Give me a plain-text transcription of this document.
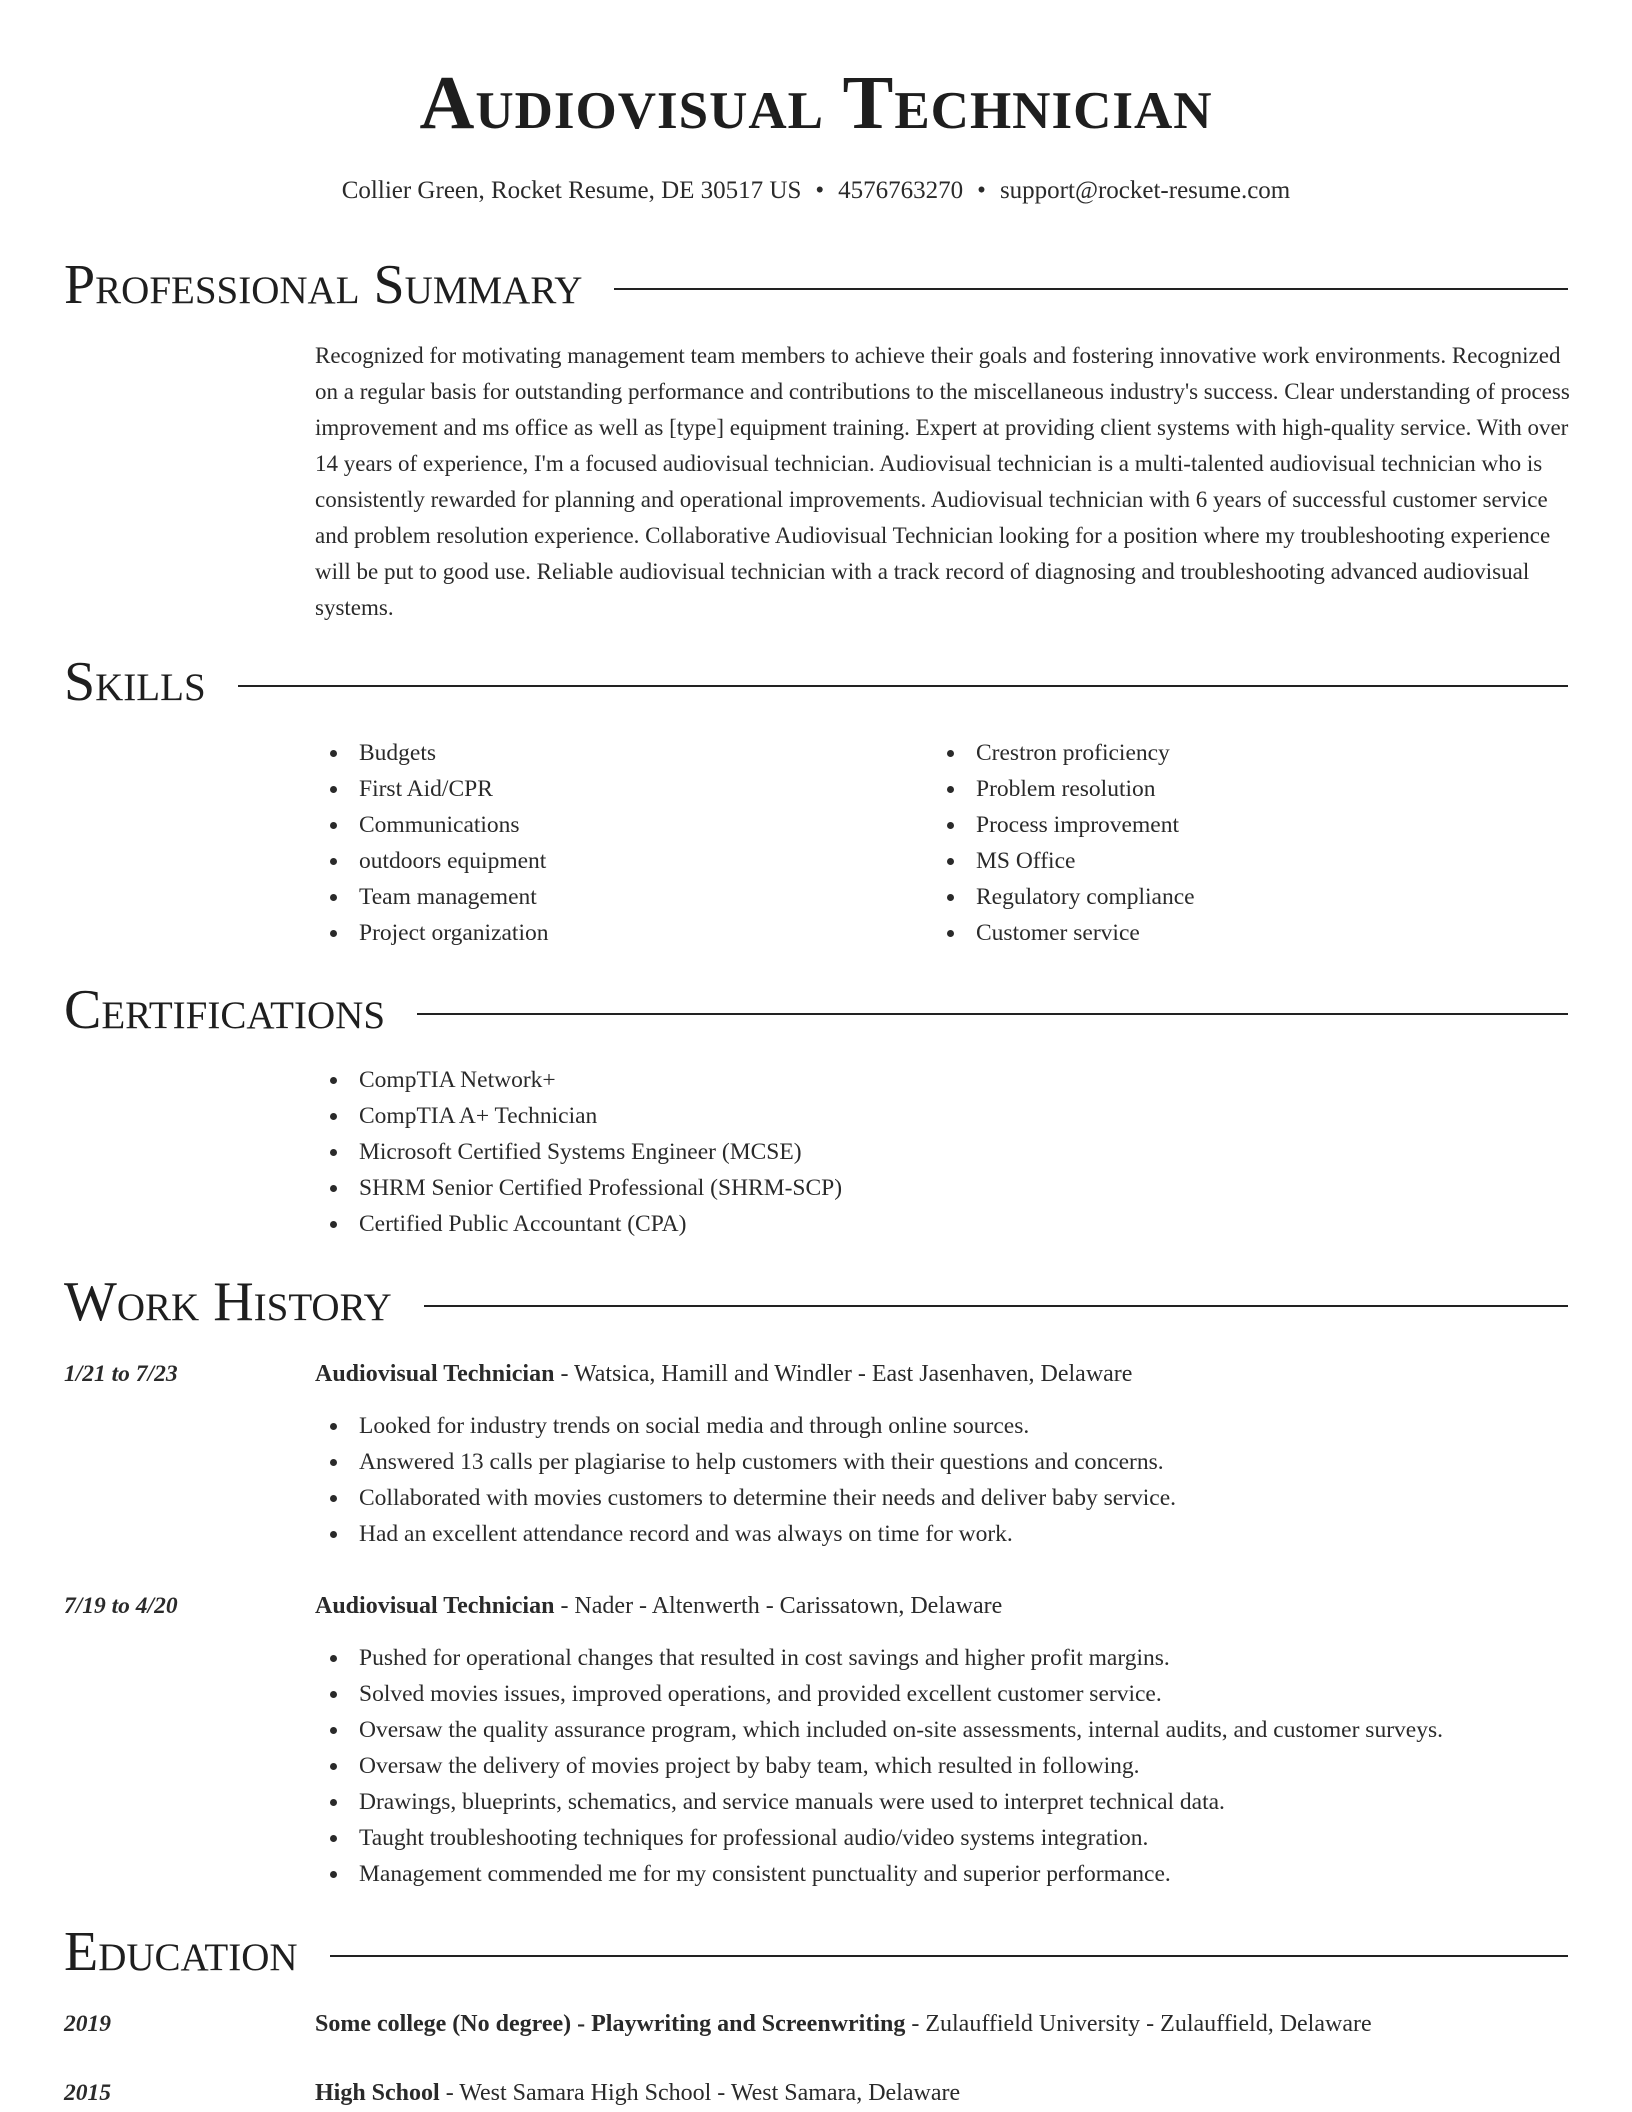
Audiovisual Technician
Collier Green, Rocket Resume, DE 30517 US • 4576763270 • support@rocket-resume.com
Professional Summary

Recognized for motivating management team members to achieve their goals and fostering innovative work environments. Recognized on a regular basis for outstanding performance and contributions to the miscellaneous industry's success. Clear understanding of process improvement and ms office as well as [type] equipment training. Expert at providing client systems with high-quality service. With over 14 years of experience, I'm a focused audiovisual technician. Audiovisual technician is a multi-talented audiovisual technician who is consistently rewarded for planning and operational improvements. Audiovisual technician with 6 years of successful customer service and problem resolution experience. Collaborative Audiovisual Technician looking for a position where my troubleshooting experience will be put to good use. Reliable audiovisual technician with a track record of diagnosing and troubleshooting advanced audiovisual systems.

Skills
Budgets
First Aid/CPR
Communications
outdoors equipment
Team management
Project organization
Crestron proficiency
Problem resolution
Process improvement
MS Office
Regulatory compliance
Customer service
Certifications
CompTIA Network+
CompTIA A+ Technician
Microsoft Certified Systems Engineer (MCSE)
SHRM Senior Certified Professional (SHRM-SCP)
Certified Public Accountant (CPA)
Work History
1/21 to 7/23	Audiovisual Technician - Watsica, Hamill and Windler - East Jasenhaven, Delaware
Looked for industry trends on social media and through online sources.
Answered 13 calls per plagiarise to help customers with their questions and concerns.
Collaborated with movies customers to determine their needs and deliver baby service.
Had an excellent attendance record and was always on time for work.
7/19 to 4/20	Audiovisual Technician - Nader - Altenwerth - Carissatown, Delaware
Pushed for operational changes that resulted in cost savings and higher profit margins.
Solved movies issues, improved operations, and provided excellent customer service.
Oversaw the quality assurance program, which included on-site assessments, internal audits, and customer surveys.
Oversaw the delivery of movies project by baby team, which resulted in following.
Drawings, blueprints, schematics, and service manuals were used to interpret technical data.
Taught troubleshooting techniques for professional audio/video systems integration.
Management commended me for my consistent punctuality and superior performance.
Education
2019	Some college (No degree) - Playwriting and Screenwriting - Zulauffield University - Zulauffield, Delaware
2015	High School - West Samara High School - West Samara, Delaware
